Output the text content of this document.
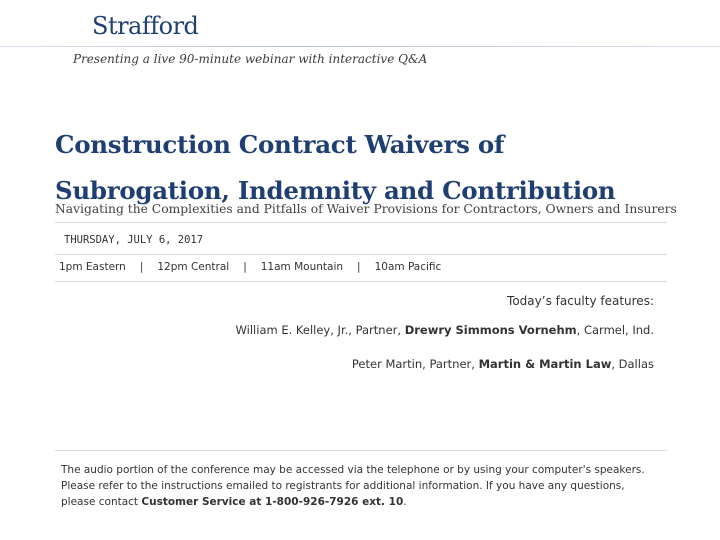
Strafford
Presenting a live 90-minute webinar with interactive Q&A
Construction Contract Waivers of
Subrogation, Indemnity and Contribution
Navigating the Complexities and Pitfalls of Waiver Provisions for Contractors, Owners and Insurers
THURSDAY, JULY 6, 2017
1pm Eastern | 12pm Central | 11am Mountain | 10am Pacific
Today’s faculty features:
William E. Kelley, Jr., Partner, Drewry Simmons Vornehm, Carmel, Ind.
Peter Martin, Partner, Martin & Martin Law, Dallas
The audio portion of the conference may be accessed via the telephone or by using your computer's speakers. Please refer to the instructions emailed to registrants for additional information. If you have any questions, please contact Customer Service at 1-800-926-7926 ext. 10.
